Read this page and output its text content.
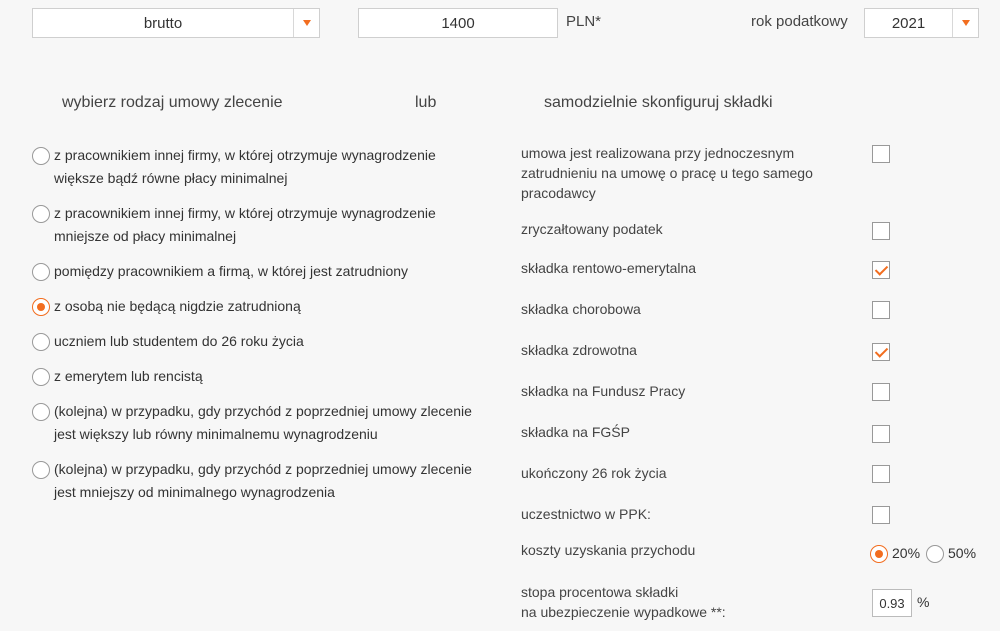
brutto	1400	PLN*	rok podatkowy	2021
wybierz rodzaj umowy zlecenie	lub	samodzielnie skonfiguruj składki
z pracownikiem innej firmy, w której otrzymuje wynagrodzenie
większe bądź równe płacy minimalnej
z pracownikiem innej firmy, w której otrzymuje wynagrodzenie
mniejsze od płacy minimalnej
pomiędzy pracownikiem a firmą, w której jest zatrudniony
z osobą nie będącą nigdzie zatrudnioną
uczniem lub studentem do 26 roku życia
z emerytem lub rencistą
(kolejna) w przypadku, gdy przychód z poprzedniej umowy zlecenie
jest większy lub równy minimalnemu wynagrodzeniu
(kolejna) w przypadku, gdy przychód z poprzedniej umowy zlecenie
jest mniejszy od minimalnego wynagrodzenia
umowa jest realizowana przy jednoczesnym
zatrudnieniu na umowę o pracę u tego samego
pracodawcy
zryczałtowany podatek
składka rentowo-emerytalna
składka chorobowa
składka zdrowotna
składka na Fundusz Pracy
składka na FGŚP
ukończony 26 rok życia
uczestnictwo w PPK:
koszty uzyskania przychodu	20% 50%
stopa procentowa składki
na ubezpieczenie wypadkowe **:
0.93 %
